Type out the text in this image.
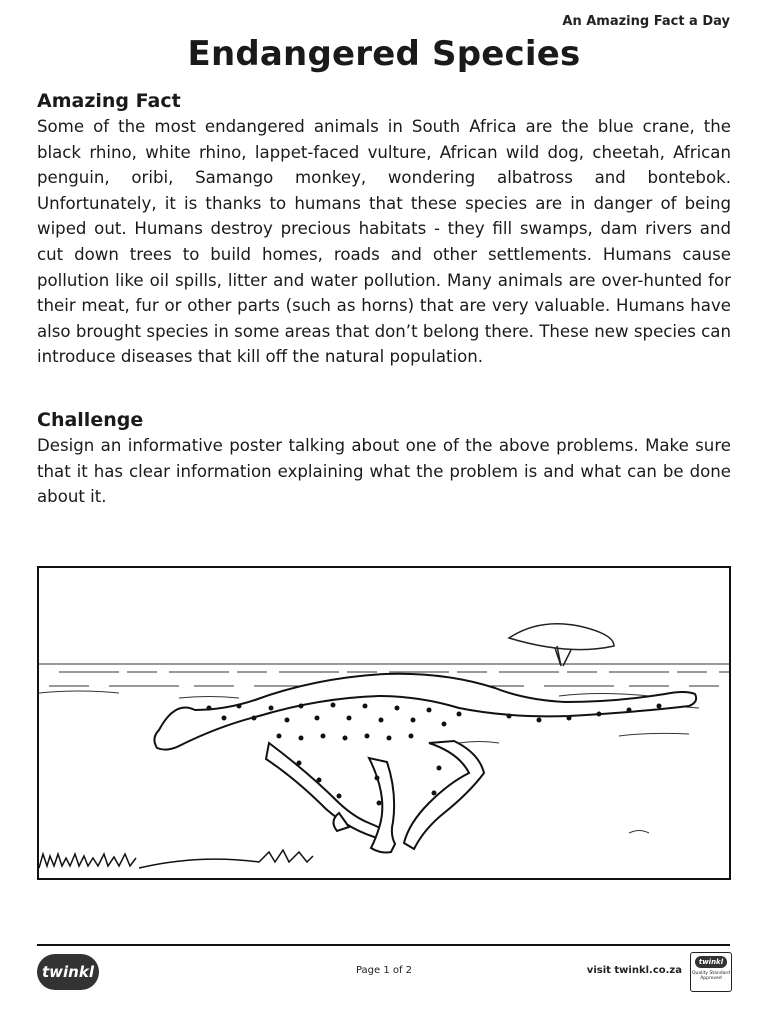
An Amazing Fact a Day
Endangered Species
Amazing Fact

Some of the most endangered animals in South Africa are the blue crane, the black rhino, white rhino, lappet-faced vulture, African wild dog, cheetah, African penguin, oribi, Samango monkey, wondering albatross and bontebok. Unfortunately, it is thanks to humans that these species are in danger of being wiped out. Humans destroy precious habitats - they fill swamps, dam rivers and cut down trees to build homes, roads and other settlements. Humans cause pollution like oil spills, litter and water pollution. Many animals are over-hunted for their meat, fur or other parts (such as horns) that are very valuable. Humans have also brought species in some areas that don’t belong there. These new species can introduce diseases that kill off the natural population.

Challenge

Design an informative poster talking about one of the above problems. Make sure that it has clear information explaining what the problem is and what can be done about it.

twinkl	Page 1 of 2	visit twinkl.co.za
twinkl
Quality Standard Approved
